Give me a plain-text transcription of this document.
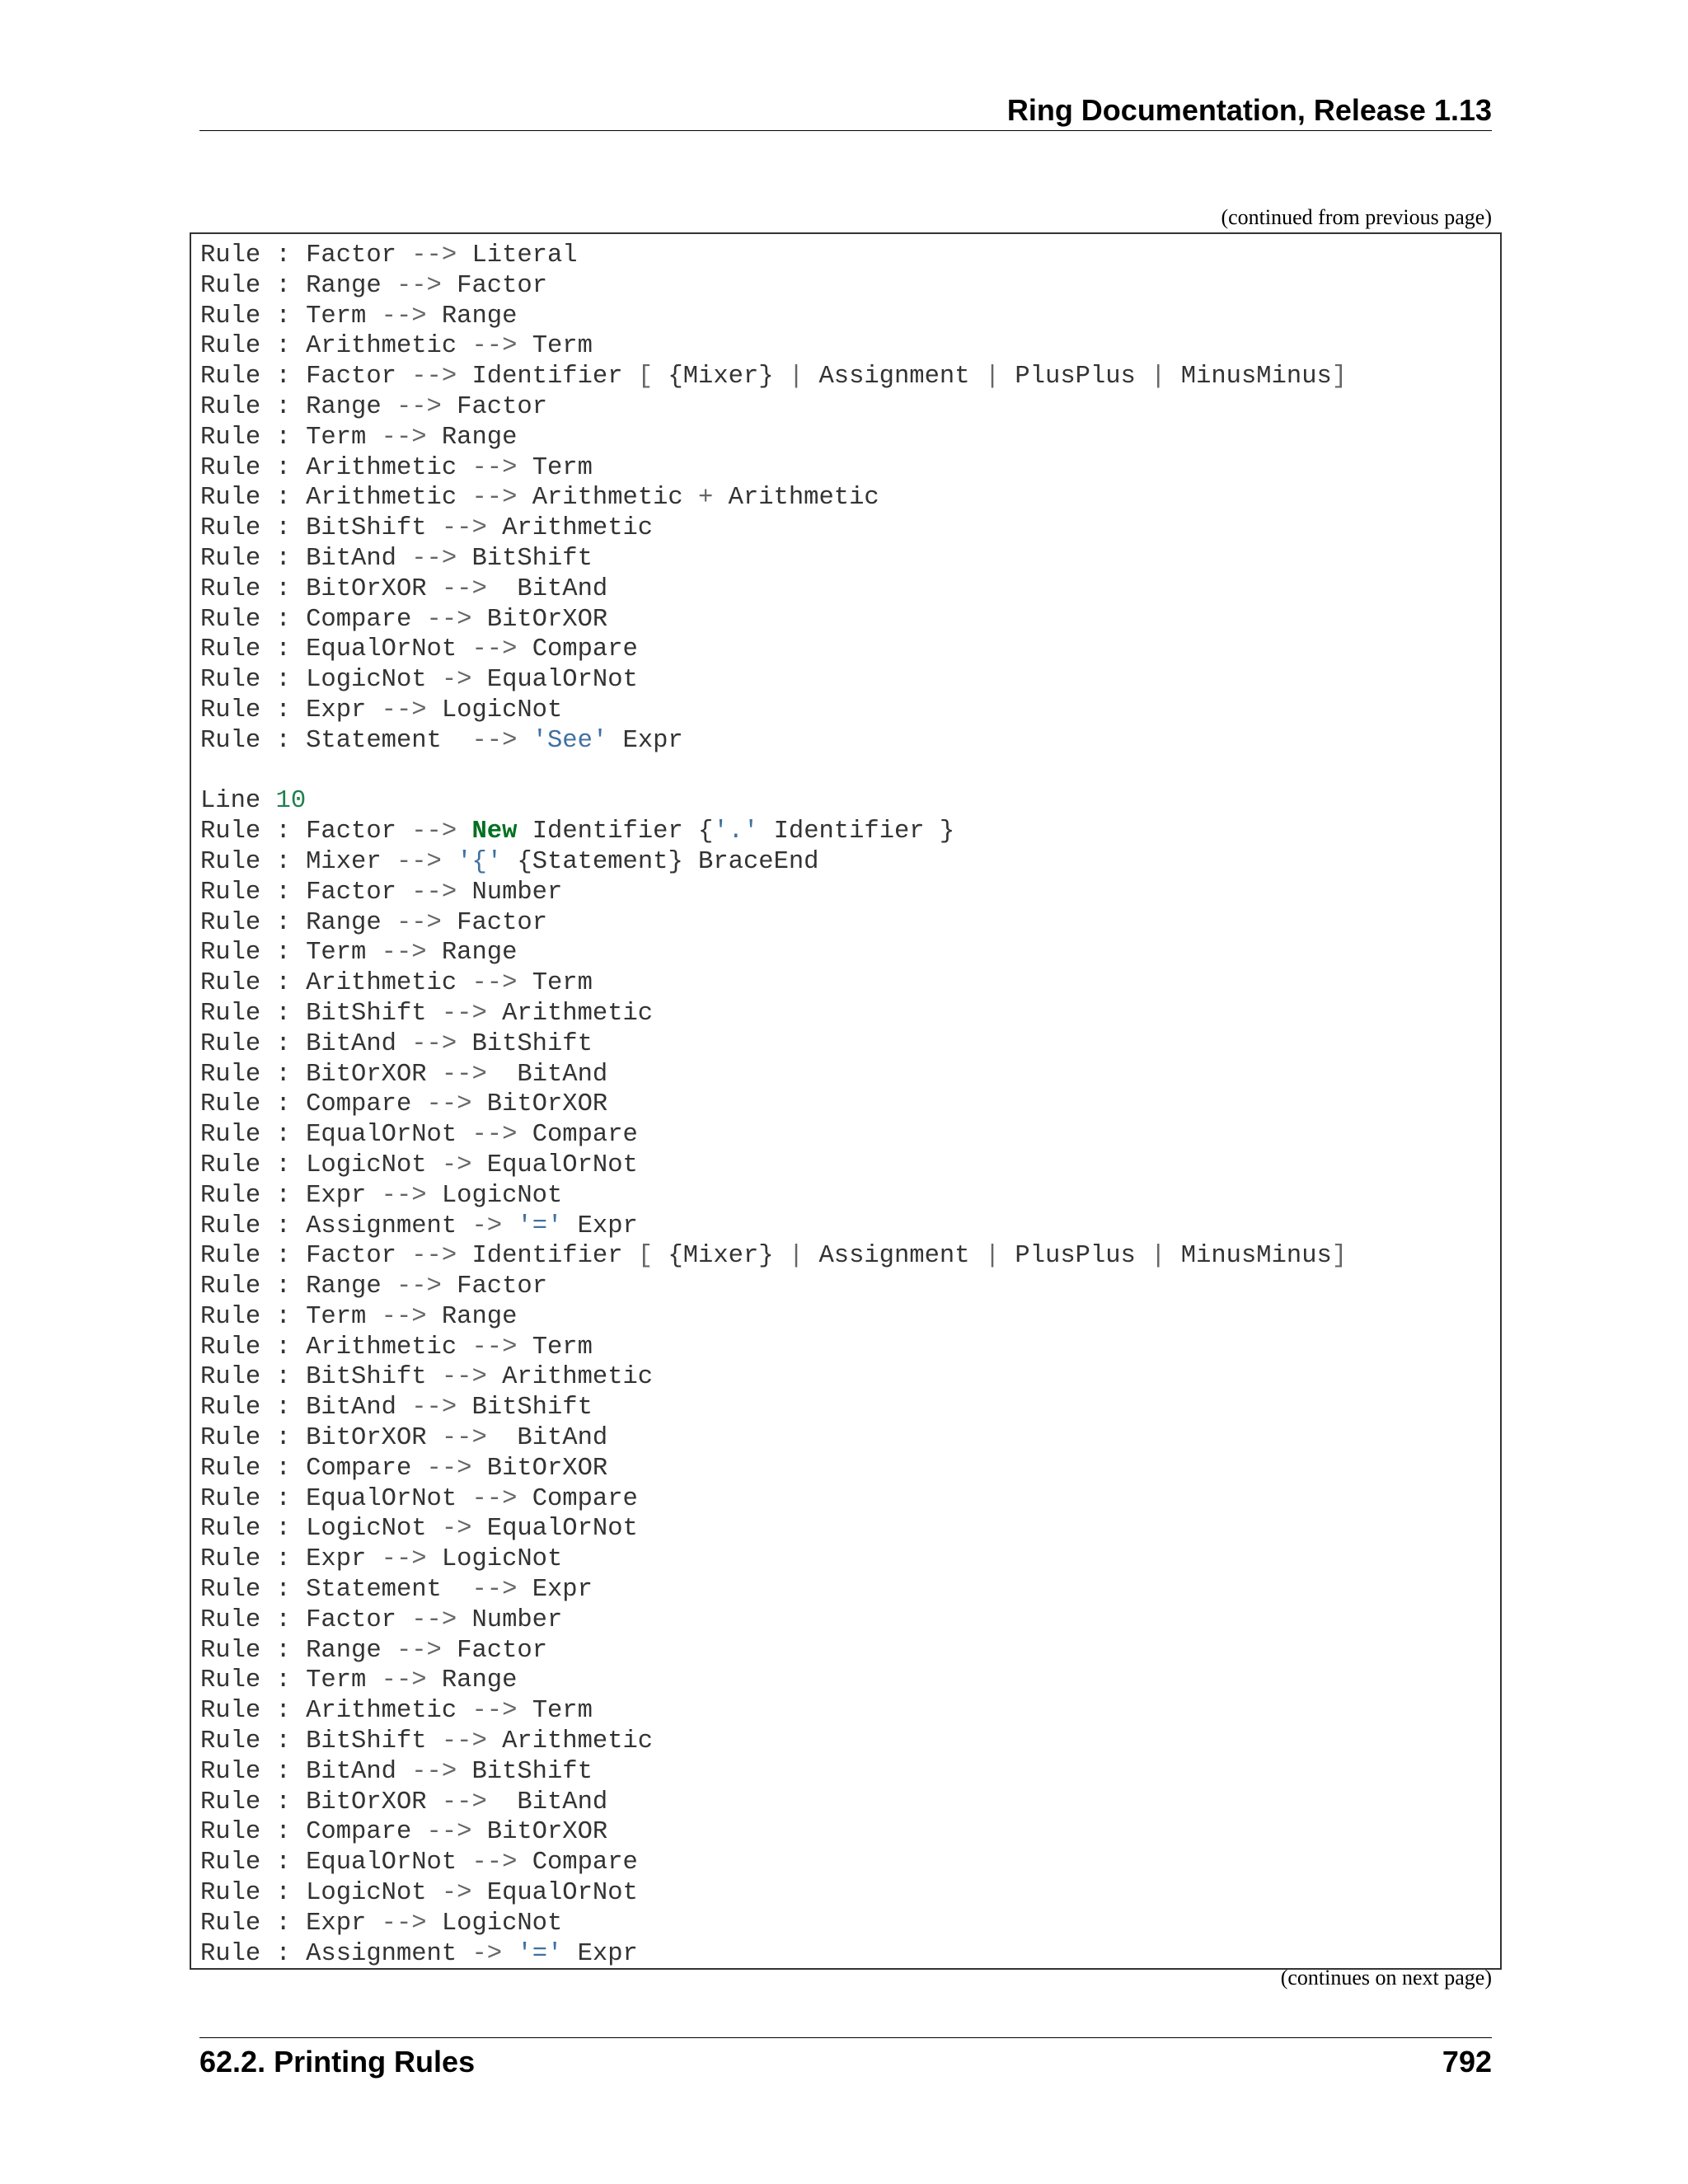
Ring Documentation, Release 1.13
(continued from previous page)
Rule : Factor --> Literal
Rule : Range --> Factor
Rule : Term --> Range
Rule : Arithmetic --> Term
Rule : Factor --> Identifier [ {Mixer} | Assignment | PlusPlus | MinusMinus]
Rule : Range --> Factor
Rule : Term --> Range
Rule : Arithmetic --> Term
Rule : Arithmetic --> Arithmetic + Arithmetic
Rule : BitShift --> Arithmetic
Rule : BitAnd --> BitShift
Rule : BitOrXOR -->  BitAnd
Rule : Compare --> BitOrXOR
Rule : EqualOrNot --> Compare
Rule : LogicNot -> EqualOrNot
Rule : Expr --> LogicNot
Rule : Statement  --> 'See' Expr
Line 10
Rule : Factor --> New Identifier {'.' Identifier }
Rule : Mixer --> '{' {Statement} BraceEnd
Rule : Factor --> Number
Rule : Range --> Factor
Rule : Term --> Range
Rule : Arithmetic --> Term
Rule : BitShift --> Arithmetic
Rule : BitAnd --> BitShift
Rule : BitOrXOR -->  BitAnd
Rule : Compare --> BitOrXOR
Rule : EqualOrNot --> Compare
Rule : LogicNot -> EqualOrNot
Rule : Expr --> LogicNot
Rule : Assignment -> '=' Expr
Rule : Factor --> Identifier [ {Mixer} | Assignment | PlusPlus | MinusMinus]
Rule : Range --> Factor
Rule : Term --> Range
Rule : Arithmetic --> Term
Rule : BitShift --> Arithmetic
Rule : BitAnd --> BitShift
Rule : BitOrXOR -->  BitAnd
Rule : Compare --> BitOrXOR
Rule : EqualOrNot --> Compare
Rule : LogicNot -> EqualOrNot
Rule : Expr --> LogicNot
Rule : Statement  --> Expr
Rule : Factor --> Number
Rule : Range --> Factor
Rule : Term --> Range
Rule : Arithmetic --> Term
Rule : BitShift --> Arithmetic
Rule : BitAnd --> BitShift
Rule : BitOrXOR -->  BitAnd
Rule : Compare --> BitOrXOR
Rule : EqualOrNot --> Compare
Rule : LogicNot -> EqualOrNot
Rule : Expr --> LogicNot
Rule : Assignment -> '=' Expr
(continues on next page)
62.2. Printing Rules	792
